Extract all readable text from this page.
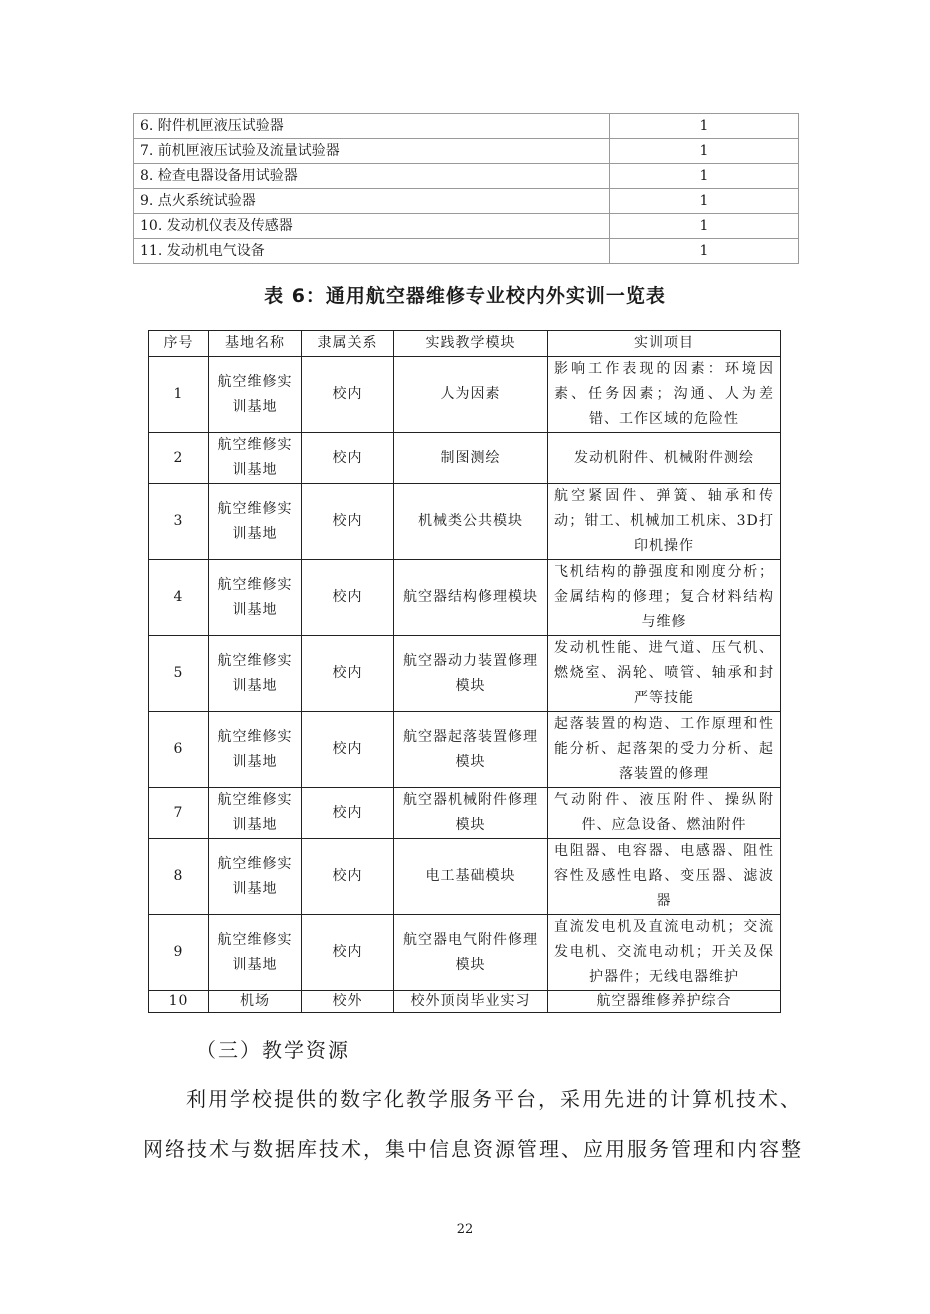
6. 附件机匣液压试验器	1
7. 前机匣液压试验及流量试验器	1
8. 检查电器设备用试验器	1
9. 点火系统试验器	1
10. 发动机仪表及传感器	1
11. 发动机电气设备	1
表 6：通用航空器维修专业校内外实训一览表
序号	基地名称	隶属关系	实践教学模块	实训项目
1	航空维修实训基地	校内	人为因素	影响工作表现的因素：环境因素、任务因素；沟通、人为差错、工作区域的危险性
2	航空维修实训基地	校内	制图测绘	发动机附件、机械附件测绘
3	航空维修实训基地	校内	机械类公共模块	航空紧固件、弹簧、轴承和传动；钳工、机械加工机床、3D打印机操作
4	航空维修实训基地	校内	航空器结构修理模块	飞机结构的静强度和刚度分析；金属结构的修理；复合材料结构与维修
5	航空维修实训基地	校内	航空器动力装置修理模块	发动机性能、进气道、压气机、燃烧室、涡轮、喷管、轴承和封严等技能
6	航空维修实训基地	校内	航空器起落装置修理模块	起落装置的构造、工作原理和性能分析、起落架的受力分析、起落装置的修理
7	航空维修实训基地	校内	航空器机械附件修理模块	气动附件、液压附件、操纵附件、应急设备、燃油附件
8	航空维修实训基地	校内	电工基础模块	电阻器、电容器、电感器、阻性容性及感性电路、变压器、滤波器
9	航空维修实训基地	校内	航空器电气附件修理模块	直流发电机及直流电动机；交流发电机、交流电动机；开关及保护器件；无线电器维护
10	机场	校外	校外顶岗毕业实习	航空器维修养护综合
（三）教学资源
利用学校提供的数字化教学服务平台，采用先进的计算机技术、
网络技术与数据库技术，集中信息资源管理、应用服务管理和内容整
22
